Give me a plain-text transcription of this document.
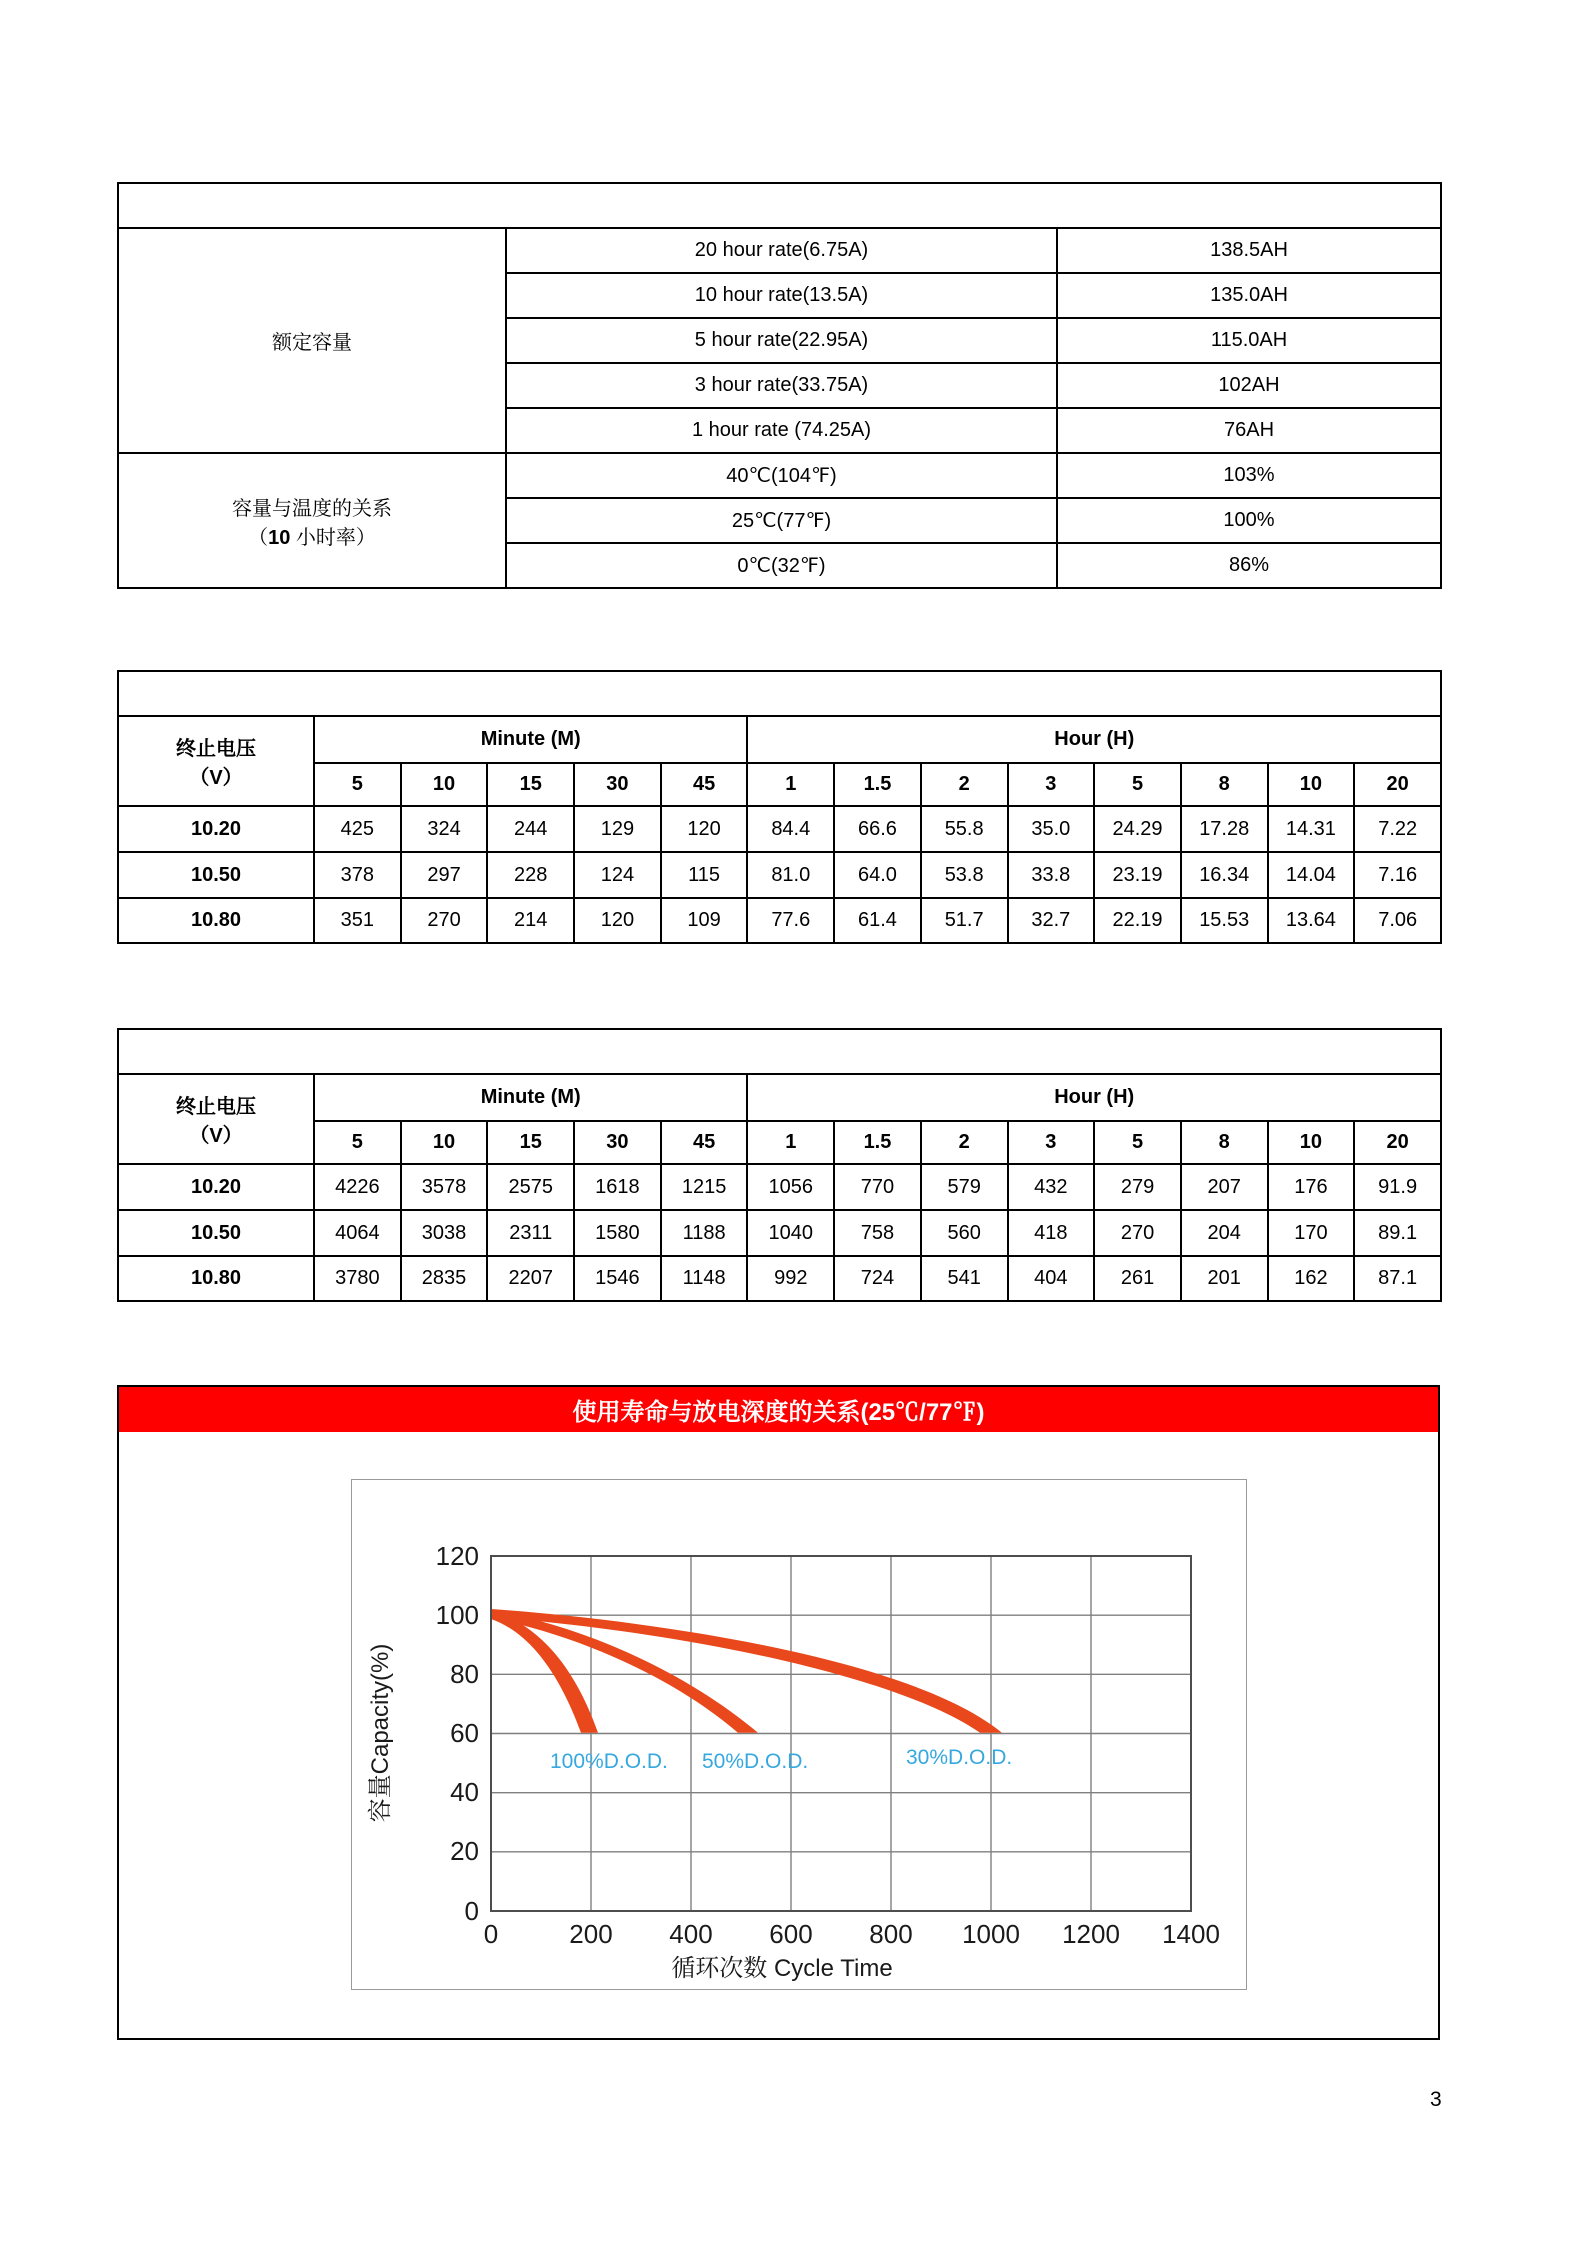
电池性能		
额定容量	20 hour rate(6.75A)	138.5AH
	10 hour rate(13.5A)	135.0AH
	5 hour rate(22.95A)	115.0AH
	3 hour rate(33.75A)	102AH
	1 hour rate (74.25A)	76AH
容量与温度的关系
（10 小时率）	40℃(104℉)	103%
	25℃(77℉)	100%
	0℃(32℉)	86%
恒流放电数据表( Amperes at 25℃)													
终止电压
（V）	Minute (M)					Hour (H)							
	5	10	15	30	45	1	1.5	2	3	5	8	10	20
10.20	425	324	244	129	120	84.4	66.6	55.8	35.0	24.29	17.28	14.31	7.22
10.50	378	297	228	124	115	81.0	64.0	53.8	33.8	23.19	16.34	14.04	7.16
10.80	351	270	214	120	109	77.6	61.4	51.7	32.7	22.19	15.53	13.64	7.06
恒功率放电数据表(Watt at 25℃)													
终止电压
（V）	Minute (M)					Hour (H)							
	5	10	15	30	45	1	1.5	2	3	5	8	10	20
10.20	4226	3578	2575	1618	1215	1056	770	579	432	279	207	176	91.9
10.50	4064	3038	2311	1580	1188	1040	758	560	418	270	204	170	89.1
10.80	3780	2835	2207	1546	1148	992	724	541	404	261	201	162	87.1
使用寿命与放电深度的关系(25℃/77℉)
120
100
80
60
40
20
0
0	200 400 600 800 1000 1200 1400
100%D.O.D. 50%D.O.D.	30%D.O.D.
容量Capacity(%)
循环次数 Cycle Time
3
